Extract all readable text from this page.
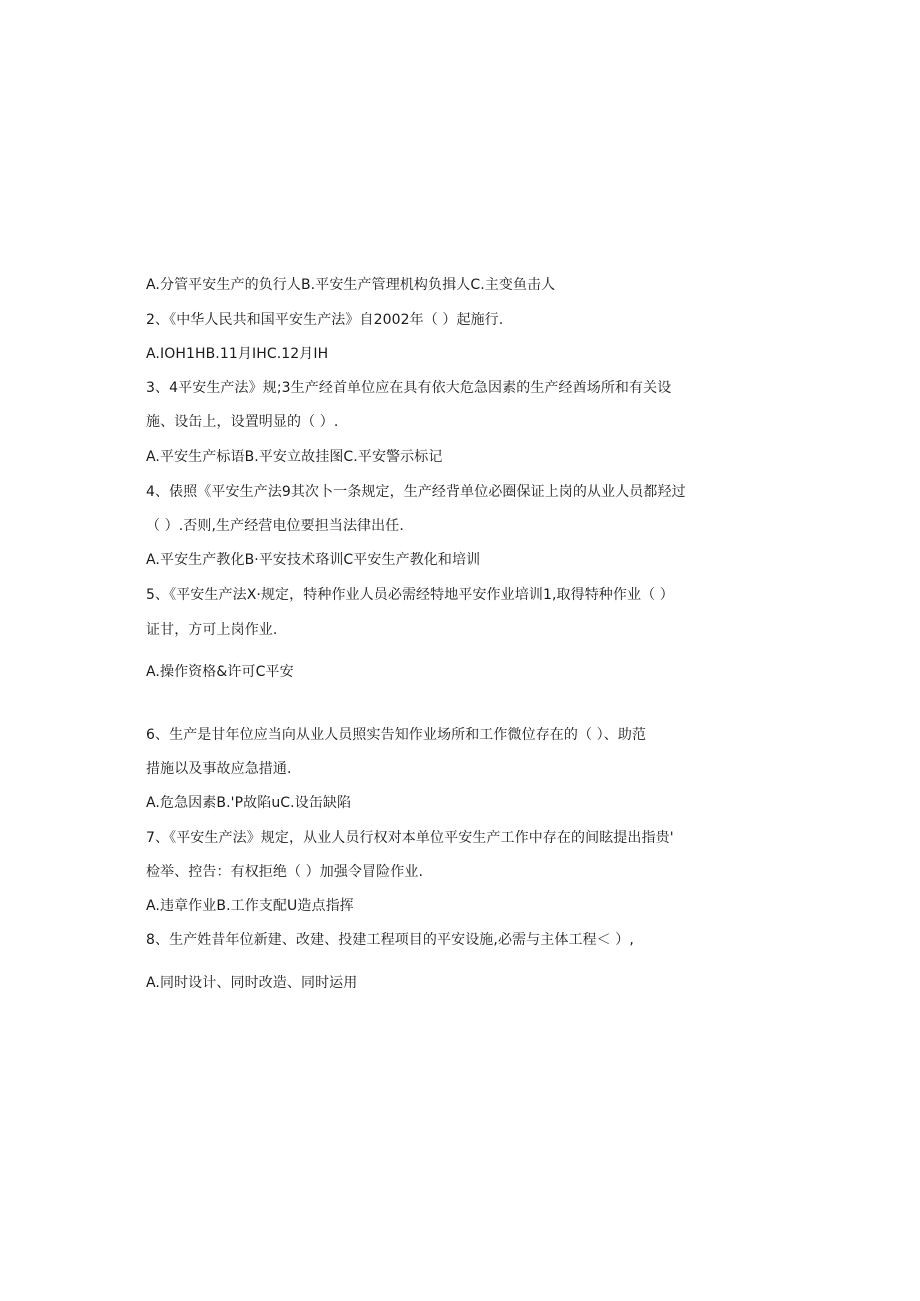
A.分管平安生产的负行人B.平安生产管理机构负揖人C.主变鱼击人
2、《中华人民共和国平安生产法》自2002年（ ）起施行.
A.IOH1HB.11月IHC.12月IH
3、4平安生产法》规;3生产经首单位应在具有依大危急因素的生产经酋场所和有关设
施、设缶上，设置明显的（ ）.
A.平安生产标语B.平安立故挂图C.平安警示标记
4、俵照《平安生产法9其次卜一条规定，生产经背单位必圈保证上岗的从业人员都羟过
（ ）.否则,生产经营电位要担当法律出任.
A.平安生产教化B·平安技术珞训C平安生产教化和培训
5、《平安生产法X·规定，特种作业人员必需经特地平安作业培训1,取得特种作业（ ）
证甘，方可上岗作业.
A.操作资格&许可C平安
6、生产是甘年位应当向从业人员照实告知作业场所和工作微位存在的（ ）、助范
措施以及事故应急措通.
A.危急因素B.'P故陷uC.设缶缺陷
7、《平安生产法》规定，从业人员行权对本单位平安生产工作中存在的间眩提出指贵'
检举、控告：有权拒绝（ ）加强令冒险作业.
A.违章作业B.工作支配U造点指挥
8、生产姓昔年位新建、改建、投建工程项目的平安设施,必需与主体工程＜ ）,
A.同时设计、同时改造、同时运用
